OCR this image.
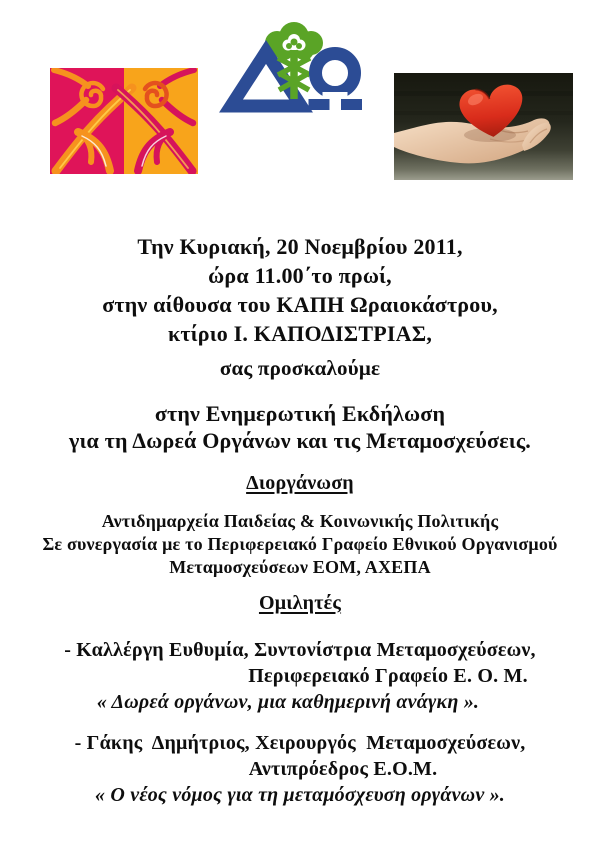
Την Κυριακή, 20 Νοεμβρίου 2011,
ώρα 11.00΄το πρωί,
στην αίθουσα του ΚΑΠΗ Ωραιοκάστρου,
κτίριο Ι. ΚΑΠΟΔΙΣΤΡΙΑΣ,
σας προσκαλούμε
στην Ενημερωτική Εκδήλωση
για τη Δωρεά Οργάνων και τις Μεταμοσχεύσεις.
Διοργάνωση
Αντιδημαρχεία Παιδείας & Κοινωνικής Πολιτικής
Σε συνεργασία με το Περιφερειακό Γραφείο Εθνικού Οργανισμού
Μεταμοσχεύσεων ΕΟΜ, ΑΧΕΠΑ
Ομιλητές
- Καλλέργη Ευθυμία, Συντονίστρια Μεταμοσχεύσεων,
Περιφερειακό Γραφείο Ε. Ο. Μ.
« Δωρεά οργάνων, μια καθημερινή ανάγκη ».
- Γάκης  Δημήτριος, Χειρουργός  Μεταμοσχεύσεων,
Αντιπρόεδρος Ε.Ο.Μ.
« Ο νέος νόμος για τη μεταμόσχευση οργάνων ».
